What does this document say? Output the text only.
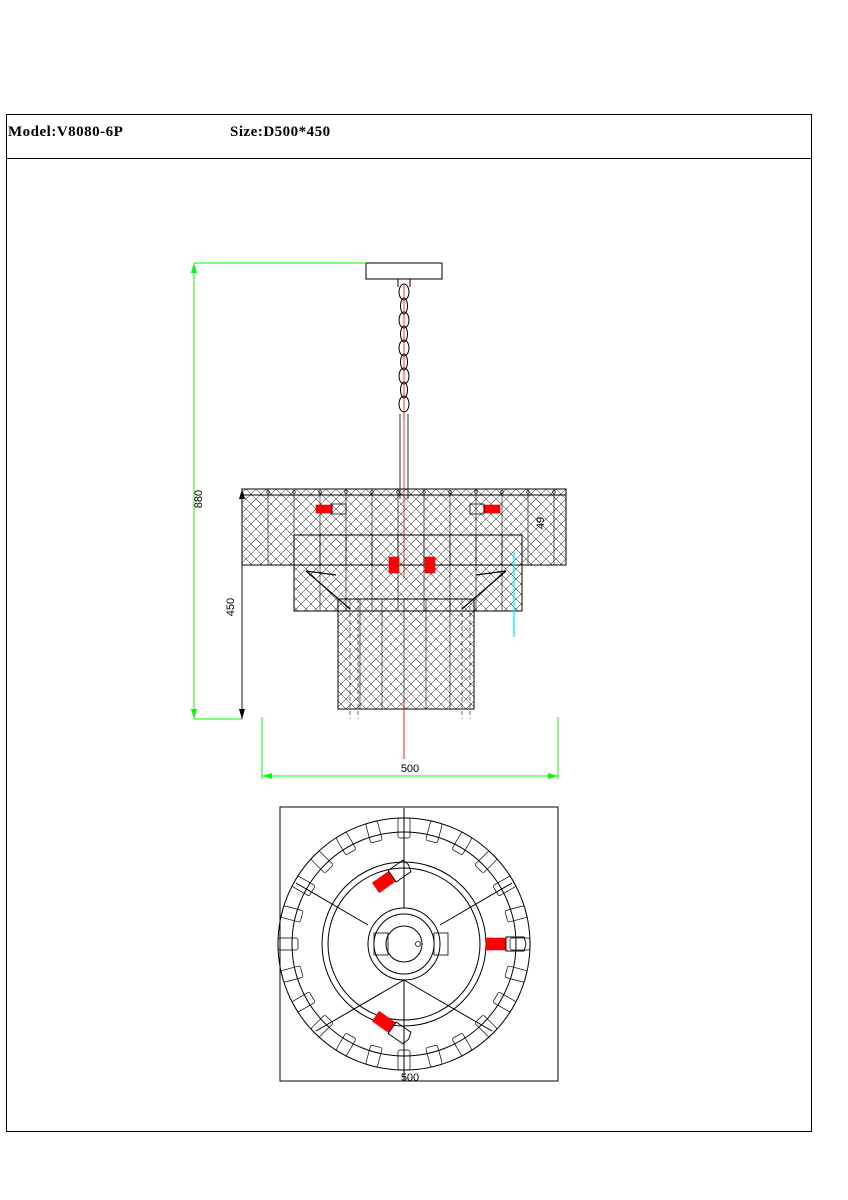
Model:V8080-6P	Size:D500*450
880
450
49
500
500
